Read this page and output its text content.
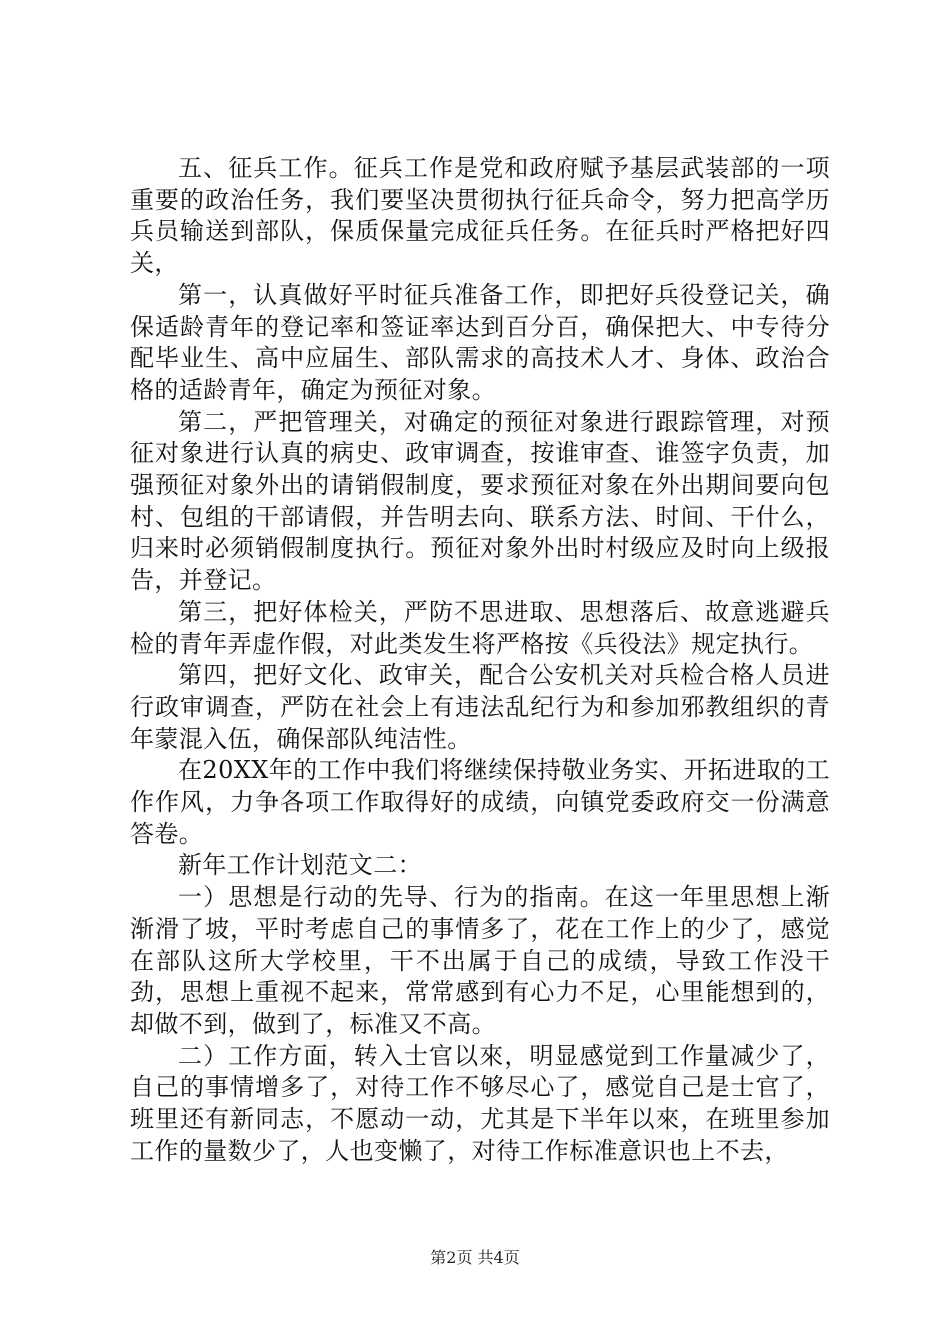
五、征兵工作。征兵工作是党和政府赋予基层武装部的一项重要的政治任务，我们要坚决贯彻执行征兵命令，努力把高学历兵员输送到部队，保质保量完成征兵任务。在征兵时严格把好四关，

第一，认真做好平时征兵准备工作，即把好兵役登记关，确保适龄青年的登记率和签证率达到百分百，确保把大、中专待分配毕业生、高中应届生、部队需求的高技术人才、身体、政治合格的适龄青年，确定为预征对象。

第二，严把管理关，对确定的预征对象进行跟踪管理，对预征对象进行认真的病史、政审调查，按谁审查、谁签字负责，加强预征对象外出的请销假制度，要求预征对象在外出期间要向包村、包组的干部请假，并告明去向、联系方法、时间、干什么，归来时必须销假制度执行。预征对象外出时村级应及时向上级报告，并登记。

第三，把好体检关，严防不思进取、思想落后、故意逃避兵检的青年弄虚作假，对此类发生将严格按《兵役法》规定执行。

第四，把好文化、政审关，配合公安机关对兵检合格人员进行政审调查，严防在社会上有违法乱纪行为和参加邪教组织的青年蒙混入伍，确保部队纯洁性。

在20XX年的工作中我们将继续保持敬业务实、开拓进取的工作作风，力争各项工作取得好的成绩，向镇党委政府交一份满意答卷。

新年工作计划范文二：

一）思想是行动的先导、行为的指南。在这一年里思想上渐渐滑了坡，平时考虑自己的事情多了，花在工作上的少了，感觉在部队这所大学校里，干不出属于自己的成绩，导致工作没干劲，思想上重视不起来，常常感到有心力不足，心里能想到的，却做不到，做到了，标准又不高。

二）工作方面，转入士官以來，明显感觉到工作量减少了，自己的事情增多了，对待工作不够尽心了，感觉自己是士官了，班里还有新同志，不愿动一动，尤其是下半年以來，在班里参加工作的量数少了，人也变懒了，对待工作标准意识也上不去，

第2页 共4页
